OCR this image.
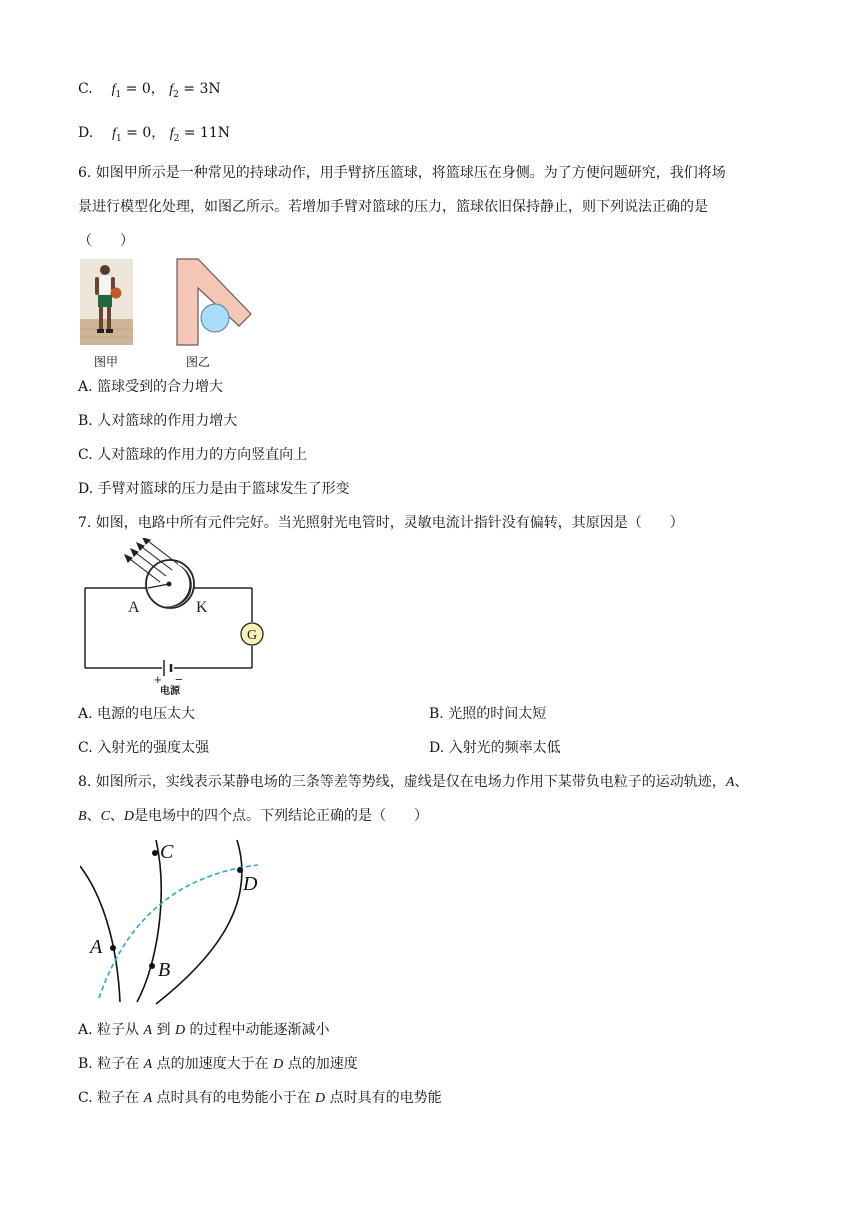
C. $f_1 = 0$， $f_2 = 3N$
D. $f_1 = 0$， $f_2 = 11N$
6. 如图甲所示是一种常见的持球动作，用手臂挤压篮球，将篮球压在身侧。为了方便问题研究，我们将场
景进行模型化处理，如图乙所示。若增加手臂对篮球的压力，篮球依旧保持静止，则下列说法正确的是
（　　）
图甲	图乙
A. 篮球受到的合力增大
B. 人对篮球的作用力增大
C. 人对篮球的作用力的方向竖直向上
D. 手臂对篮球的压力是由于篮球发生了形变
7. 如图，电路中所有元件完好。当光照射光电管时，灵敏电流计指针没有偏转，其原因是（　　）
G
A	K
+ −
电源
A. 电源的电压太大	B. 光照的时间太短
C. 入射光的强度太强	D. 入射光的频率太低
8. 如图所示，实线表示某静电场的三条等差等势线，虚线是仅在电场力作用下某带负电粒子的运动轨迹，A、
B、C、D是电场中的四个点。下列结论正确的是（　　）
A
B
C
D
A. 粒子从 A 到 D 的过程中动能逐渐减小
B. 粒子在 A 点的加速度大于在 D 点的加速度
C. 粒子在 A 点时具有的电势能小于在 D 点时具有的电势能
